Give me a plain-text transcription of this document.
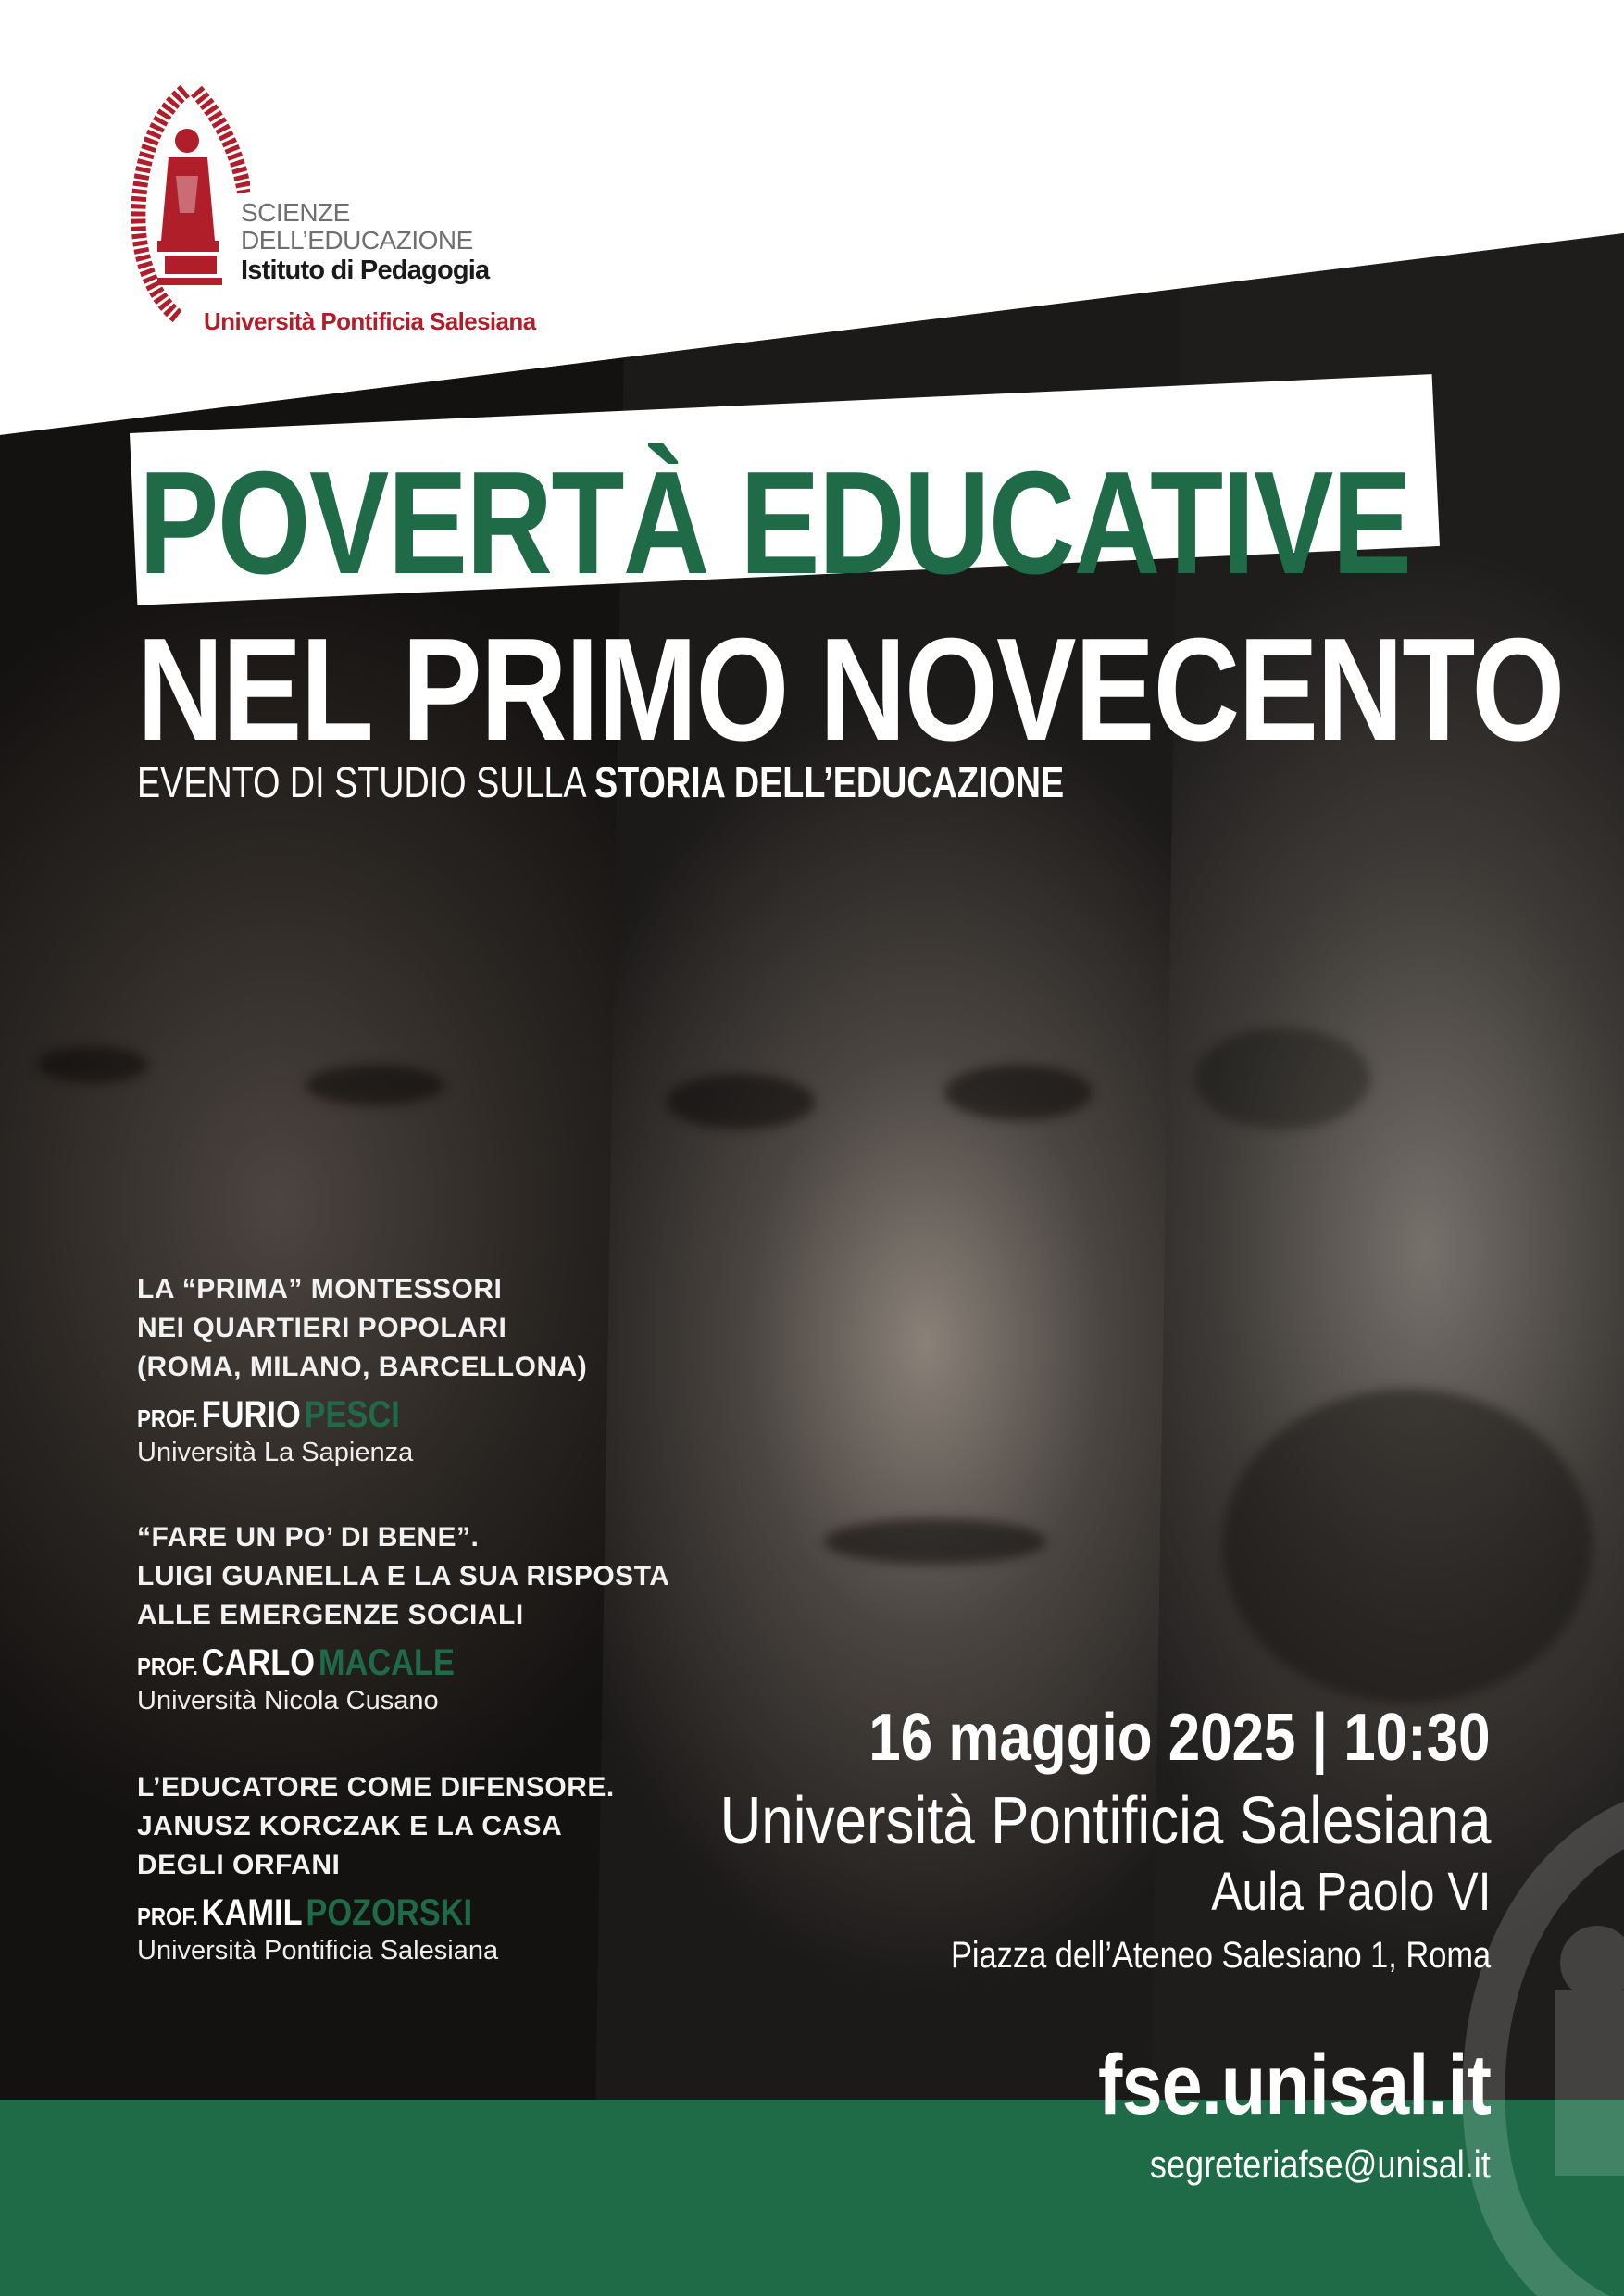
SCIENZE
DELL’EDUCAZIONE
Istituto di Pedagogia
Università Pontificia Salesiana
POVERTÀ EDUCATIVE
NEL PRIMO NOVECENTO
EVENTO DI STUDIO SULLA STORIA DELL’EDUCAZIONE
LA “PRIMA” MONTESSORI
NEI QUARTIERI POPOLARI
(ROMA, MILANO, BARCELLONA)
PROF. FURIO PESCI
Università La Sapienza
“FARE UN PO’ DI BENE”.
LUIGI GUANELLA E LA SUA RISPOSTA
ALLE EMERGENZE SOCIALI
PROF. CARLO MACALE
Università Nicola Cusano
L’EDUCATORE COME DIFENSORE.
JANUSZ KORCZAK E LA CASA
DEGLI ORFANI
PROF. KAMIL POZORSKI
Università Pontificia Salesiana
16 maggio 2025 | 10:30
Università Pontificia Salesiana
Aula Paolo VI
Piazza dell’Ateneo Salesiano 1, Roma
fse.unisal.it
segreteriafse@unisal.it
